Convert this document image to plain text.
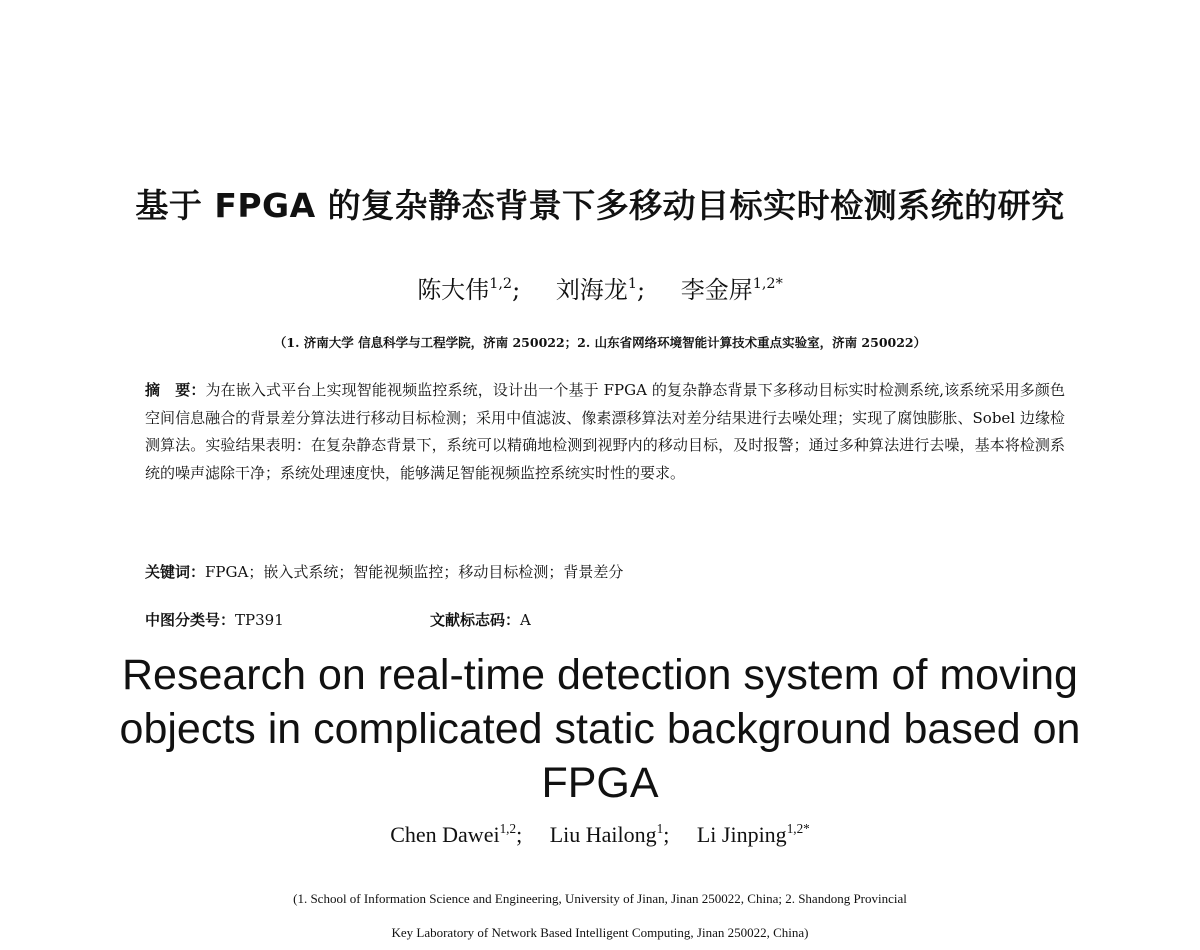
基于 FPGA 的复杂静态背景下多移动目标实时检测系统的研究
陈大伟$^{1,2}$; 刘海龙$^1$; 李金屏$^{1,2*}$
（1. 济南大学 信息科学与工程学院，济南 250022；2. 山东省网络环境智能计算技术重点实验室，济南 250022）
摘　要：为在嵌入式平台上实现智能视频监控系统，设计出一个基于 FPGA 的复杂静态背景下多移动目标实时检测系统,该系统采用多颜色空间信息融合的背景差分算法进行移动目标检测；采用中值滤波、像素漂移算法对差分结果进行去噪处理；实现了腐蚀膨胀、Sobel 边缘检测算法。实验结果表明：在复杂静态背景下，系统可以精确地检测到视野内的移动目标，及时报警；通过多种算法进行去噪，基本将检测系统的噪声滤除干净；系统处理速度快，能够满足智能视频监控系统实时性的要求。
关键词：FPGA；嵌入式系统；智能视频监控；移动目标检测；背景差分
中图分类号：TP391	文献标志码：A
Research on real-time detection system of moving objects in complicated static background based on FPGA
Chen Dawei$^{1,2}$; Liu Hailong$^1$; Li Jinping$^{1,2*}$
(1. School of Information Science and Engineering, University of Jinan, Jinan 250022, China; 2. Shandong Provincial
Key Laboratory of Network Based Intelligent Computing, Jinan 250022, China)
